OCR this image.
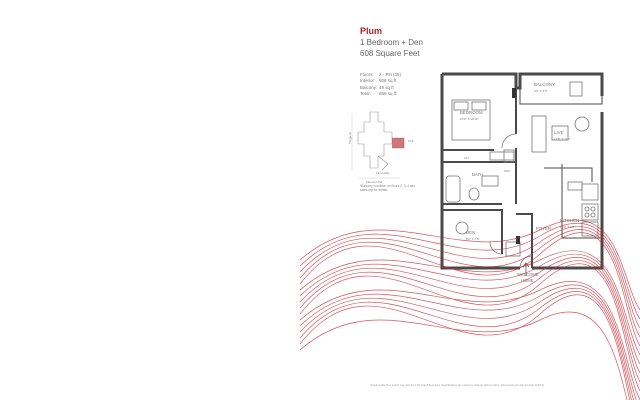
Plum
1 Bedroom + Den
608 Square Feet
Floors: 2 - PH (35)
Interior: 608 sq ft
Balcony: 48 sq ft
Total: 656 sq ft
Yonge St
Floors 2-PH
Unit
Floor plan
*Balcony condition on floors 2, 3, 4 see sales rep for details
BALCONY
9'6" X 5'0"
BEDROOM
10'0" X 10'10"
LIVE
12'8" X 11'0"
LIN
W/D
BATH
KITCHEN
10'0" X 8'8"
DEN
8'0" X 7'8"
FOYER
WELCOME
HOME
Actual usable floor space may vary from the stated floor area. Specifications are subject to change without notice. Dimensions are approximate. E.&O.E.
